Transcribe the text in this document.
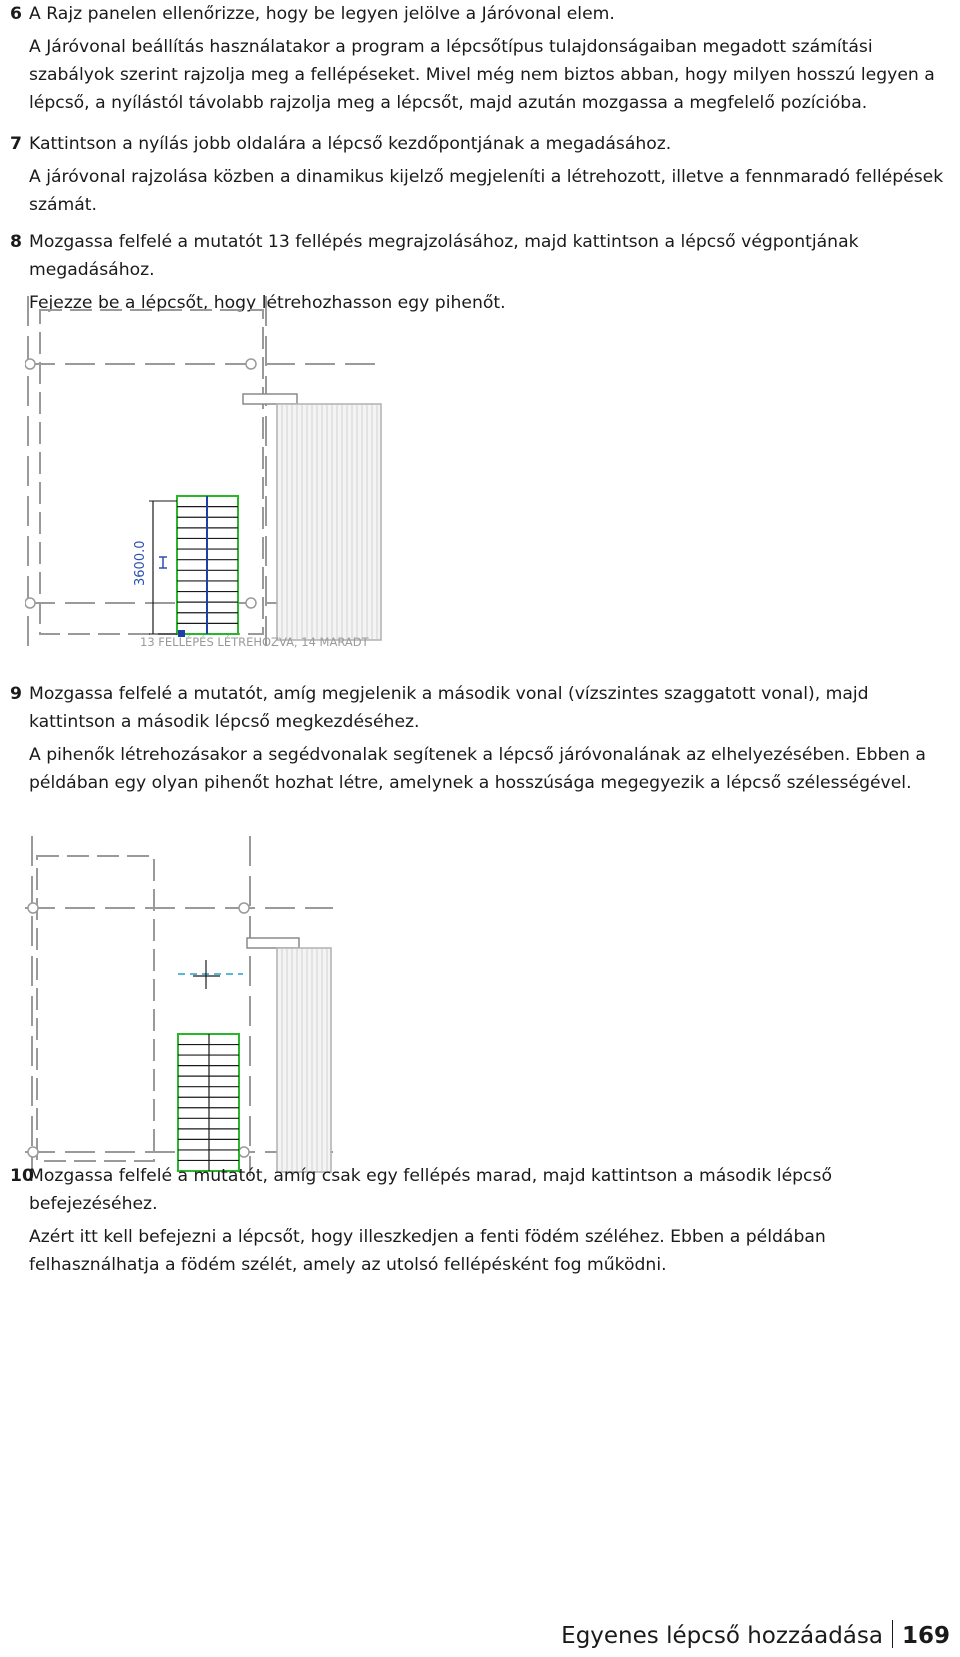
6 A Rajz panelen ellenőrizze, hogy be legyen jelölve a Járóvonal elem.

A Járóvonal beállítás használatakor a program a lépcsőtípus tulajdonságaiban megadott számítási szabályok szerint rajzolja meg a fellépéseket. Mivel még nem biztos abban, hogy milyen hosszú legyen a lépcső, a nyílástól távolabb rajzolja meg a lépcsőt, majd azután mozgassa a megfelelő pozícióba.

7 Kattintson a nyílás jobb oldalára a lépcső kezdőpontjának a megadásához.

A járóvonal rajzolása közben a dinamikus kijelző megjeleníti a létrehozott, illetve a fennmaradó fellépések számát.

8 Mozgassa felfelé a mutatót 13 fellépés megrajzolásához, majd kattintson a lépcső végpontjának megadásához.

Fejezze be a lépcsőt, hogy létrehozhasson egy pihenőt.

3600.0
13 FELLÉPÉS LÉTREHOZVA, 14 MARADT
9 Mozgassa felfelé a mutatót, amíg megjelenik a második vonal (vízszintes szaggatott vonal), majd kattintson a második lépcső megkezdéséhez.

A pihenők létrehozásakor a segédvonalak segítenek a lépcső járóvonalának az elhelyezésében. Ebben a példában egy olyan pihenőt hozhat létre, amelynek a hosszúsága megegyezik a lépcső szélességével.

10

Mozgassa felfelé a mutatót, amíg csak egy fellépés marad, majd kattintson a második lépcső befejezéséhez.

Azért itt kell befejezni a lépcsőt, hogy illeszkedjen a fenti födém széléhez. Ebben a példában felhasználhatja a födém szélét, amely az utolsó fellépésként fog működni.

Egyenes lépcső hozzáadása 169
